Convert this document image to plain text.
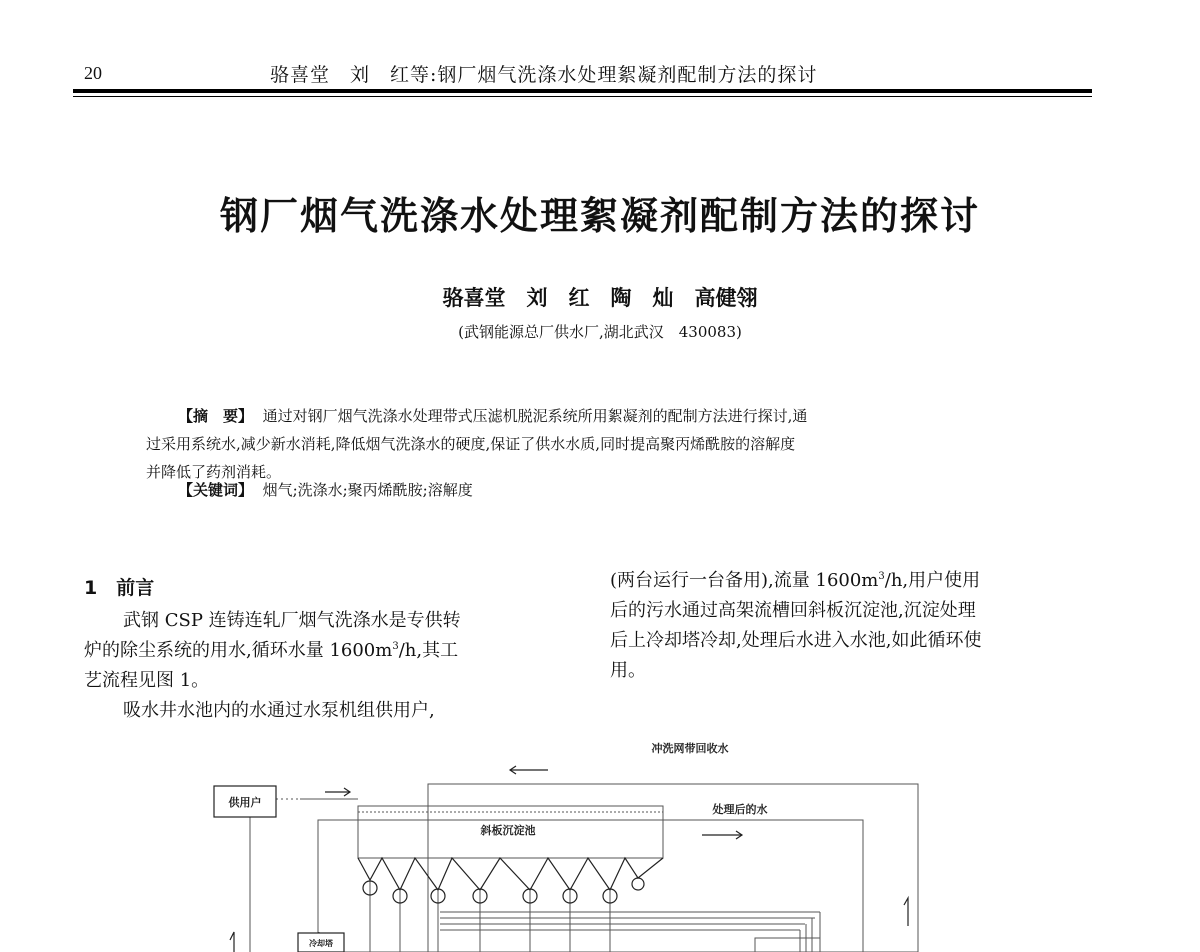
20	骆喜堂　刘　红等:钢厂烟气洗涤水处理絮凝剂配制方法的探讨
钢厂烟气洗涤水处理絮凝剂配制方法的探讨
骆喜堂　刘　红　陶　灿　高健翎
(武钢能源总厂供水厂,湖北武汉　430083)
【摘　要】 通过对钢厂烟气洗涤水处理带式压滤机脱泥系统所用絮凝剂的配制方法进行探讨,通
过采用系统水,减少新水消耗,降低烟气洗涤水的硬度,保证了供水水质,同时提高聚丙烯酰胺的溶解度
并降低了药剂消耗。
【关键词】 烟气;洗涤水;聚丙烯酰胺;溶解度
1　前言
武钢 CSP 连铸连轧厂烟气洗涤水是专供转
炉的除尘系统的用水,循环水量 $1600m^3/h$,其工
艺流程见图 1。
吸水井水池内的水通过水泵机组供用户,
(两台运行一台备用),流量 $1600m^3/h$,用户使用
后的污水通过高架流槽回斜板沉淀池,沉淀处理
后上冷却塔冷却,处理后水进入水池,如此循环使
用。
供用户
冷却塔
冲洗网带回收水
处理后的水
斜板沉淀池
